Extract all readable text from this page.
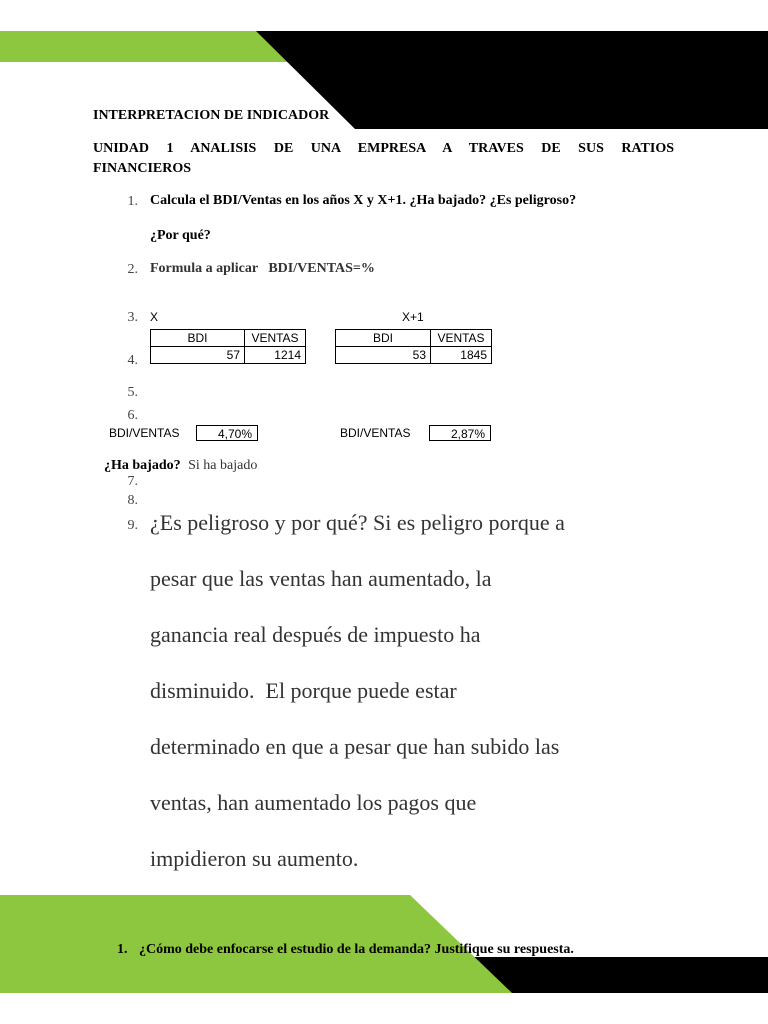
INTERPRETACION DE INDICADOR
UNIDAD 1 ANALISIS DE UNA EMPRESA A TRAVES DE SUS RATIOS
FINANCIEROS
1. Calcula el BDI/Ventas en los años X y X+1. ¿Ha bajado? ¿Es peligroso?
¿Por qué?
2. Formula a aplicar   BDI/VENTAS=%
3. X	X+1
BDI	VENTAS
57	1214
BDI	VENTAS
53	1845
4.
5.
6.
BDI/VENTAS	4,70%	BDI/VENTAS	2,87%
¿Ha bajado? Si ha bajado
7.
8.
9. ¿Es peligroso y por qué? Si es peligro porque a
pesar que las ventas han aumentado, la
ganancia real después de impuesto ha
disminuido.  El porque puede estar
determinado en que a pesar que han subido las
ventas, han aumentado los pagos que
impidieron su aumento.
1. ¿Cómo debe enfocarse el estudio de la demanda? Justifique su respuesta.
